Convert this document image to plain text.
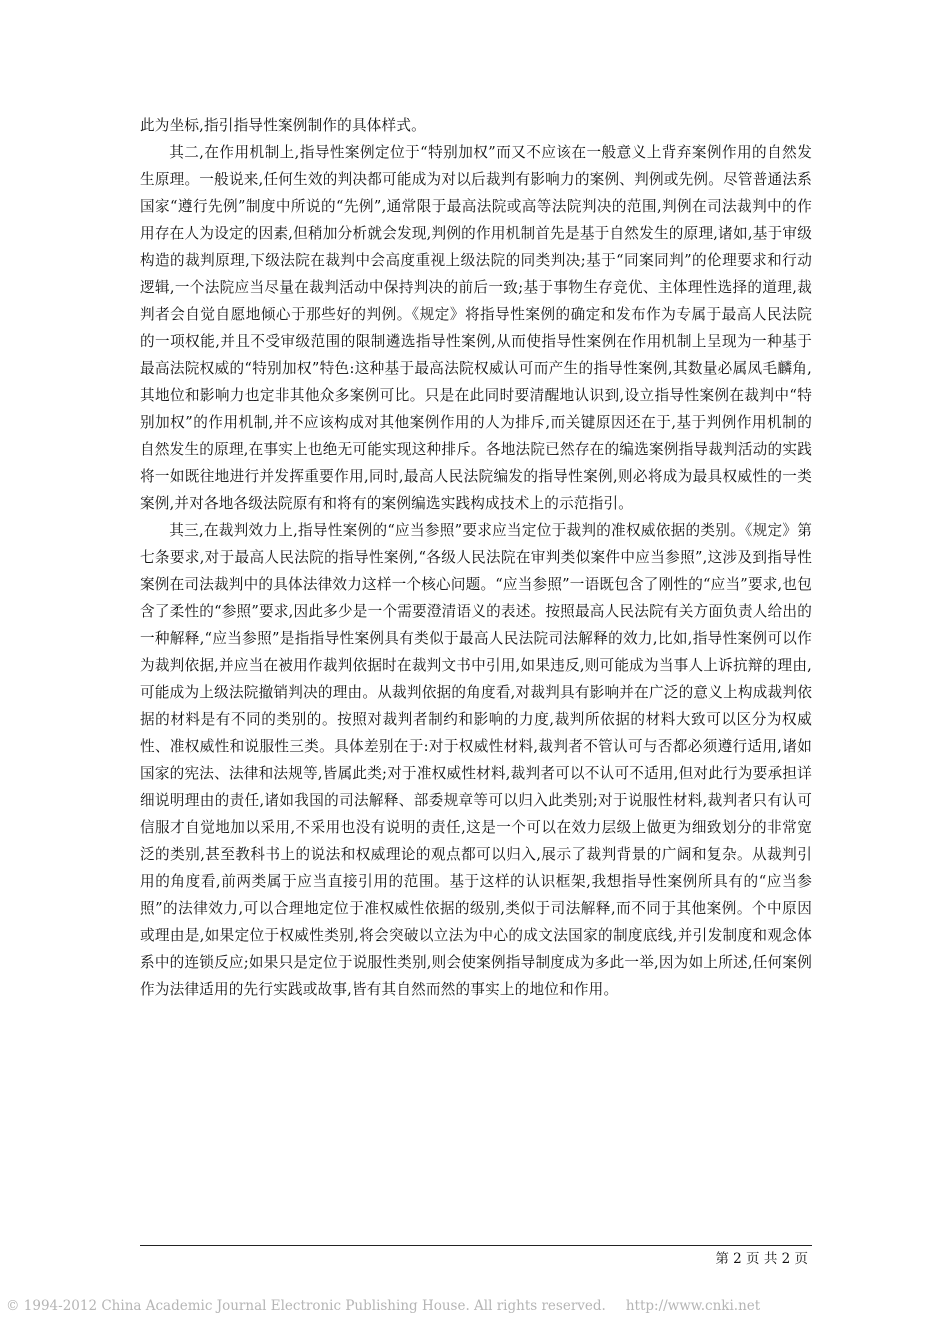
此为坐标,指引指导性案例制作的具体样式。

其二,在作用机制上,指导性案例定位于“特别加权”而又不应该在一般意义上背弃案例作用的自然发生原理。一般说来,任何生效的判决都可能成为对以后裁判有影响力的案例、判例或先例。尽管普通法系国家“遵行先例”制度中所说的“先例”,通常限于最高法院或高等法院判决的范围,判例在司法裁判中的作用存在人为设定的因素,但稍加分析就会发现,判例的作用机制首先是基于自然发生的原理,诸如,基于审级构造的裁判原理,下级法院在裁判中会高度重视上级法院的同类判决;基于“同案同判”的伦理要求和行动逻辑,一个法院应当尽量在裁判活动中保持判决的前后一致;基于事物生存竞优、主体理性选择的道理,裁判者会自觉自愿地倾心于那些好的判例。《规定》将指导性案例的确定和发布作为专属于最高人民法院的一项权能,并且不受审级范围的限制遴选指导性案例,从而使指导性案例在作用机制上呈现为一种基于最高法院权威的“特别加权”特色:这种基于最高法院权威认可而产生的指导性案例,其数量必属凤毛麟角,其地位和影响力也定非其他众多案例可比。只是在此同时要清醒地认识到,设立指导性案例在裁判中“特别加权”的作用机制,并不应该构成对其他案例作用的人为排斥,而关键原因还在于,基于判例作用机制的自然发生的原理,在事实上也绝无可能实现这种排斥。各地法院已然存在的编选案例指导裁判活动的实践将一如既往地进行并发挥重要作用,同时,最高人民法院编发的指导性案例,则必将成为最具权威性的一类案例,并对各地各级法院原有和将有的案例编选实践构成技术上的示范指引。

其三,在裁判效力上,指导性案例的“应当参照”要求应当定位于裁判的准权威依据的类别。《规定》第七条要求,对于最高人民法院的指导性案例,“各级人民法院在审判类似案件中应当参照”,这涉及到指导性案例在司法裁判中的具体法律效力这样一个核心问题。“应当参照”一语既包含了刚性的“应当”要求,也包含了柔性的“参照”要求,因此多少是一个需要澄清语义的表述。按照最高人民法院有关方面负责人给出的一种解释,“应当参照”是指指导性案例具有类似于最高人民法院司法解释的效力,比如,指导性案例可以作为裁判依据,并应当在被用作裁判依据时在裁判文书中引用,如果违反,则可能成为当事人上诉抗辩的理由,可能成为上级法院撤销判决的理由。从裁判依据的角度看,对裁判具有影响并在广泛的意义上构成裁判依据的材料是有不同的类别的。按照对裁判者制约和影响的力度,裁判所依据的材料大致可以区分为权威性、准权威性和说服性三类。具体差别在于:对于权威性材料,裁判者不管认可与否都必须遵行适用,诸如国家的宪法、法律和法规等,皆属此类;对于准权威性材料,裁判者可以不认可不适用,但对此行为要承担详细说明理由的责任,诸如我国的司法解释、部委规章等可以归入此类别;对于说服性材料,裁判者只有认可信服才自觉地加以采用,不采用也没有说明的责任,这是一个可以在效力层级上做更为细致划分的非常宽泛的类别,甚至教科书上的说法和权威理论的观点都可以归入,展示了裁判背景的广阔和复杂。从裁判引用的角度看,前两类属于应当直接引用的范围。基于这样的认识框架,我想指导性案例所具有的“应当参照”的法律效力,可以合理地定位于准权威性依据的级别,类似于司法解释,而不同于其他案例。个中原因或理由是,如果定位于权威性类别,将会突破以立法为中心的成文法国家的制度底线,并引发制度和观念体系中的连锁反应;如果只是定位于说服性类别,则会使案例指导制度成为多此一举,因为如上所述,任何案例作为法律适用的先行实践或故事,皆有其自然而然的事实上的地位和作用。

第 2 页 共 2 页
© 1994-2012 China Academic Journal Electronic Publishing House. All rights reserved. http://www.cnki.net
